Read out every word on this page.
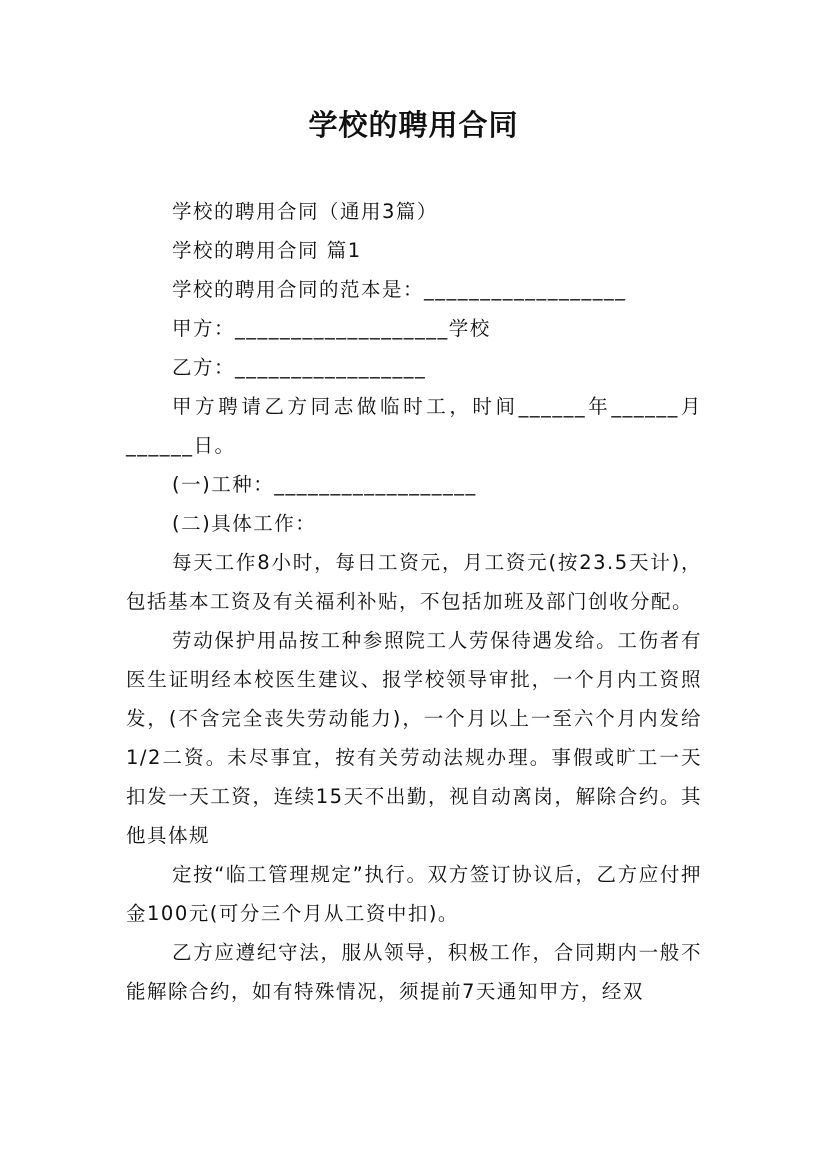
学校的聘用合同

学校的聘用合同（通用3篇）

学校的聘用合同 篇1

学校的聘用合同的范本是：__________________

甲方：___________________学校

乙方：_________________

甲方聘请乙方同志做临时工，时间______年______月______日。

(一)工种：__________________

(二)具体工作：

每天工作8小时，每日工资元，月工资元(按23.5天计)，包括基本工资及有关福利补贴，不包括加班及部门创收分配。

劳动保护用品按工种参照院工人劳保待遇发给。工伤者有医生证明经本校医生建议、报学校领导审批，一个月内工资照发，(不含完全丧失劳动能力)，一个月以上一至六个月内发给1/2二资。未尽事宜，按有关劳动法规办理。事假或旷工一天扣发一天工资，连续15天不出勤，视自动离岗，解除合约。其他具体规

定按“临工管理规定”执行。双方签订协议后，乙方应付押金100元(可分三个月从工资中扣)。

乙方应遵纪守法，服从领导，积极工作，合同期内一般不能解除合约，如有特殊情况，须提前7天通知甲方，经双
